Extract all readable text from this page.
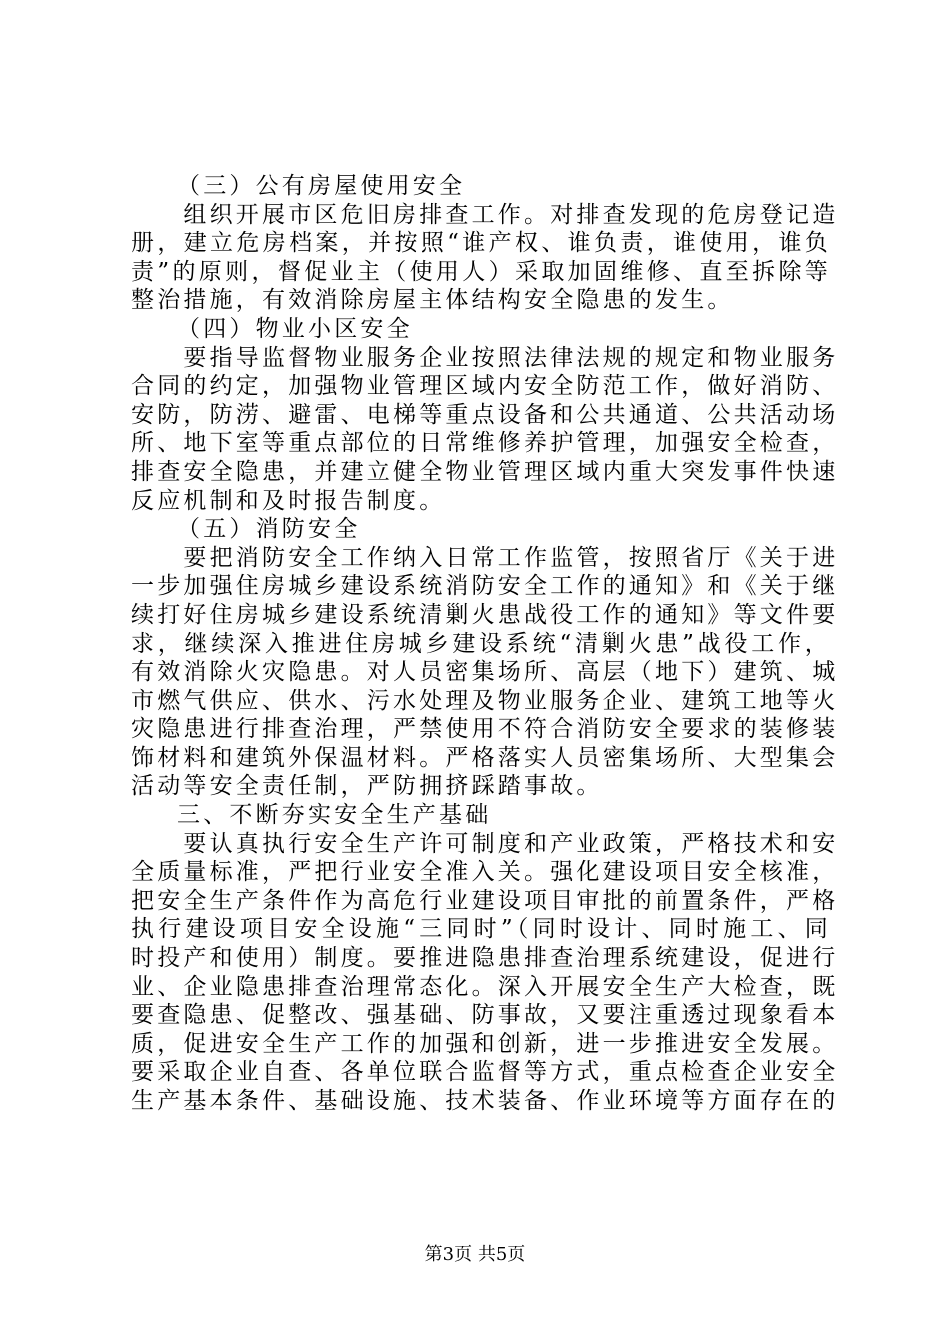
（三）公有房屋使用安全

　　组织开展市区危旧房排查工作。对排查发现的危房登记造
册，建立危房档案，并按照“谁产权、谁负责，谁使用，谁负
责”的原则，督促业主（使用人）采取加固维修、直至拆除等
整治措施，有效消除房屋主体结构安全隐患的发生。

（四）物业小区安全

　　要指导监督物业服务企业按照法律法规的规定和物业服务
合同的约定，加强物业管理区域内安全防范工作，做好消防、
安防，防涝、避雷、电梯等重点设备和公共通道、公共活动场
所、地下室等重点部位的日常维修养护管理，加强安全检查，
排查安全隐患，并建立健全物业管理区域内重大突发事件快速
反应机制和及时报告制度。

（五）消防安全

　　要把消防安全工作纳入日常工作监管，按照省厅《关于进
一步加强住房城乡建设系统消防安全工作的通知》和《关于继
续打好住房城乡建设系统清剿火患战役工作的通知》等文件要
求，继续深入推进住房城乡建设系统“清剿火患”战役工作，
有效消除火灾隐患。对人员密集场所、高层（地下）建筑、城
市燃气供应、供水、污水处理及物业服务企业、建筑工地等火
灾隐患进行排查治理，严禁使用不符合消防安全要求的装修装
饰材料和建筑外保温材料。严格落实人员密集场所、大型集会
活动等安全责任制，严防拥挤踩踏事故。

三、不断夯实安全生产基础

　　要认真执行安全生产许可制度和产业政策，严格技术和安
全质量标准，严把行业安全准入关。强化建设项目安全核准，
把安全生产条件作为高危行业建设项目审批的前置条件，严格
执行建设项目安全设施“三同时”（同时设计、同时施工、同
时投产和使用）制度。要推进隐患排查治理系统建设，促进行
业、企业隐患排查治理常态化。深入开展安全生产大检查，既
要查隐患、促整改、强基础、防事故，又要注重透过现象看本
质，促进安全生产工作的加强和创新，进一步推进安全发展。
要采取企业自查、各单位联合监督等方式，重点检查企业安全
生产基本条件、基础设施、技术装备、作业环境等方面存在的
第3页 共5页
